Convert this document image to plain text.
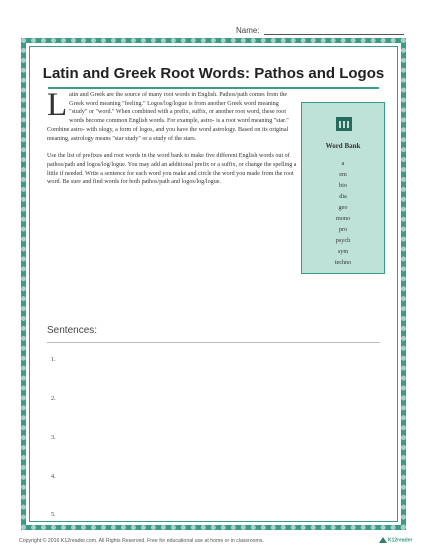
Name:
Latin and Greek Root Words: Pathos and Logos

Latin and Greek are the source of many root words in English. Pathos/path comes from the Greek word meaning "feeling." Logos/log/logue is from another Greek word meaning "study" or "word." When combined with a prefix, suffix, or another root word, these root words become common English words. For example, astro- is a root word meaning "star." Combine astro- with ology, a form of logos, and you have the word astrology. Based on its original meaning, astrology means "star study" or a study of the stars.

Use the list of prefixes and root words in the word bank to make five different English words out of pathos/path and logos/log/logue. You may add an additional prefix or a suffix, or change the spelling a little if needed. Write a sentence for each word you make and circle the word you made from the root word. Be sure and find words for both pathos/path and logos/log/logue.

Word Bank
a
em
bio
dia
geo
mono
pro
psych
sym
techno
Sentences:
1.
2.
3.
4.
5.
Copyright © 2016 K12reader.com. All Rights Reserved. Free for educational use at home or in classrooms.	K12reader
